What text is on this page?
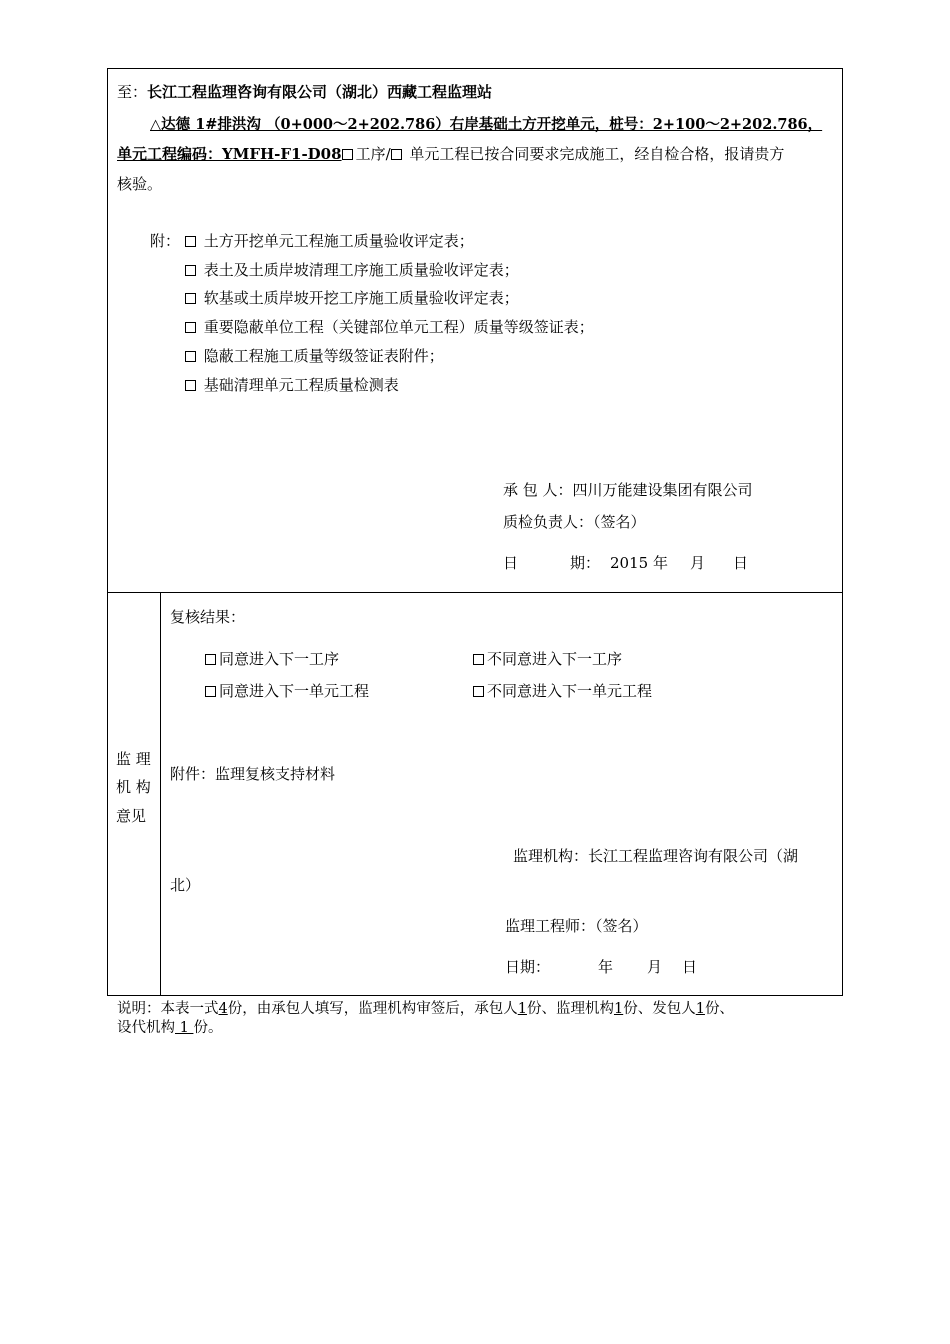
至：长江工程监理咨询有限公司（湖北）西藏工程监理站
△达德 1#排洪沟 （0+000～2+202.786）右岸基础土方开挖单元，桩号：2+100～2+202.786，
单元工程编码：YMFH-F1-D08 工序/ 单元工程已按合同要求完成施工，经自检合格，报请贵方
核验。
附：	土方开挖单元工程施工质量验收评定表；
表土及土质岸坡清理工序施工质量验收评定表；
软基或土质岸坡开挖工序施工质量验收评定表；
重要隐蔽单位工程（关键部位单元工程）质量等级签证表；
隐蔽工程施工质量等级签证表附件；
基础清理单元工程质量检测表
承 包 人：四川万能建设集团有限公司
质检负责人：（签名）
日	期： 2015 年 月 日
监 理
机 构
意见
复核结果：
同意进入下一工序	不同意进入下一工序
同意进入下一单元工程	不同意进入下一单元工程
附件：监理复核支持材料
监理机构：长江工程监理咨询有限公司（湖
北）
监理工程师：（签名）
日期：	年 月 日
说明：本表一式4份，由承包人填写，监理机构审签后，承包人1份、监理机构1份、发包人1份、
设代机构 1 份。
